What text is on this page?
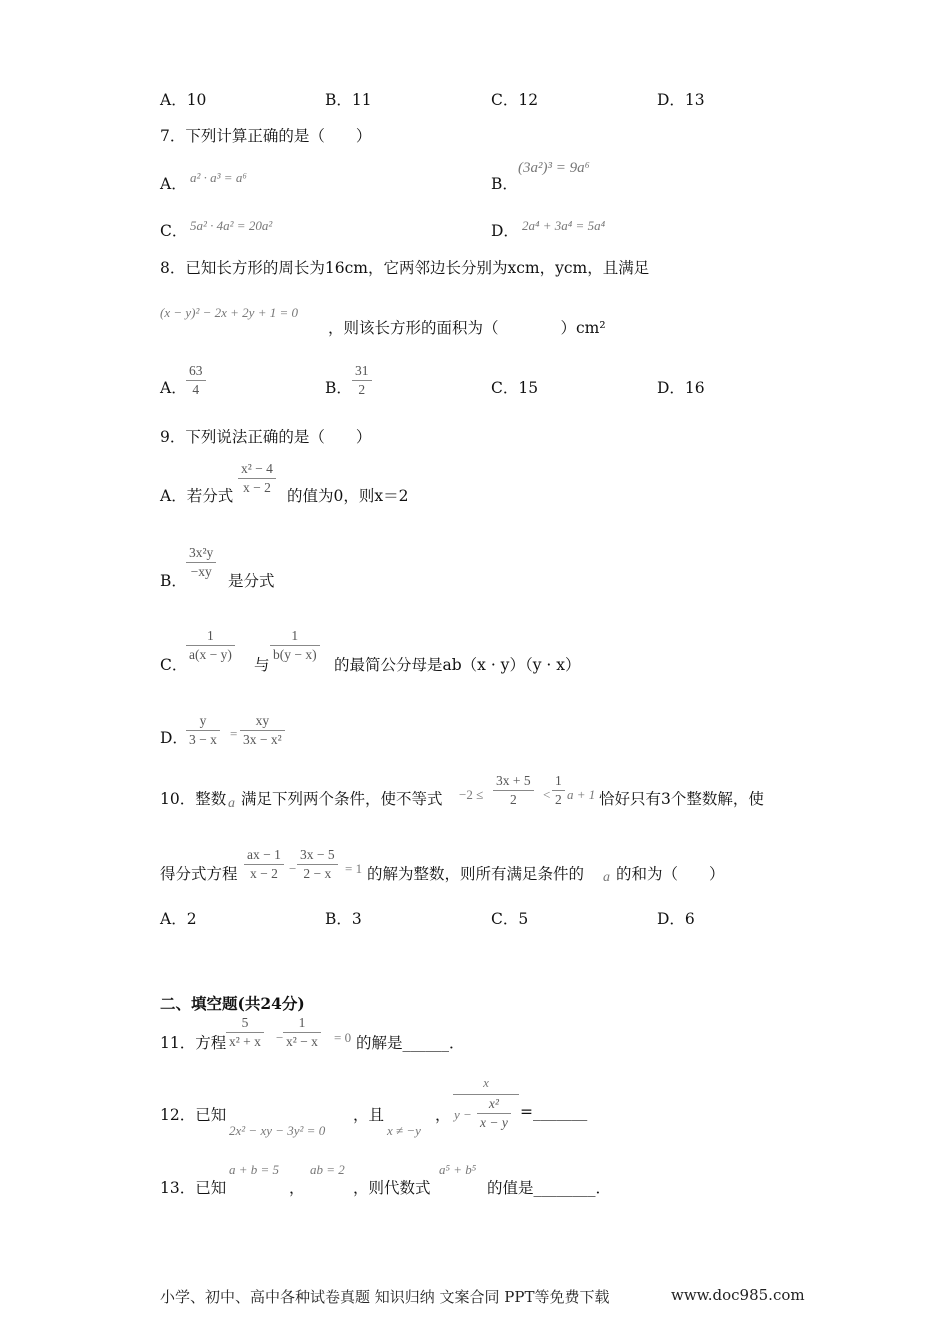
A．10	B．11	C．12	D．13
7．下列计算正确的是（　　）
A． a² · a³ = a⁶	B．
(3a²)³ = 9a⁶
C． 5a² · 4a² = 20a²	D． 2a⁴ + 3a⁴ = 5a⁴
8．已知长方形的周长为16cm，它两邻边长分别为xcm，ycm，且满足
(x − y)² − 2x + 2y + 1 = 0
，则该长方形的面积为（　　　　）cm²
A．
63
4	B．
31
2	C．15	D．16
9．下列说法正确的是（　　）
A．若分式
x² − 4
x − 2	的值为0，则x＝2
B．
3x²y
−xy
是分式
C．
1
a(x − y)
与
1
b(y − x)
的最简公分母是ab（x · y）（y · x）
D．
y
3 − x =
xy
3x − x²
10．整数 a 满足下列两个条件，使不等式 −2 ≤
3x + 5
2	<
1
2 a + 1 恰好只有3个整数解，使
得分式方程
ax − 1
x − 2 −
3x − 5
2 − x	= 1 的解为整数，则所有满足条件的 a 的和为（　　）
A．2	B．3	C．5	D．6
二、填空题(共24分)
11．方程
5
x² + x −
1
x² − x = 0 的解是______．
12．已知
2x² − xy − 3y² = 0
，且
x ≠ −y
，
x
y −
x²
x − y
=_______
13．已知
a + b = 5
，
ab = 2
，则代数式
a⁵ + b⁵
的值是________．
小学、初中、高中各种试卷真题 知识归纳 文案合同 PPT等免费下载	www.doc985.com
